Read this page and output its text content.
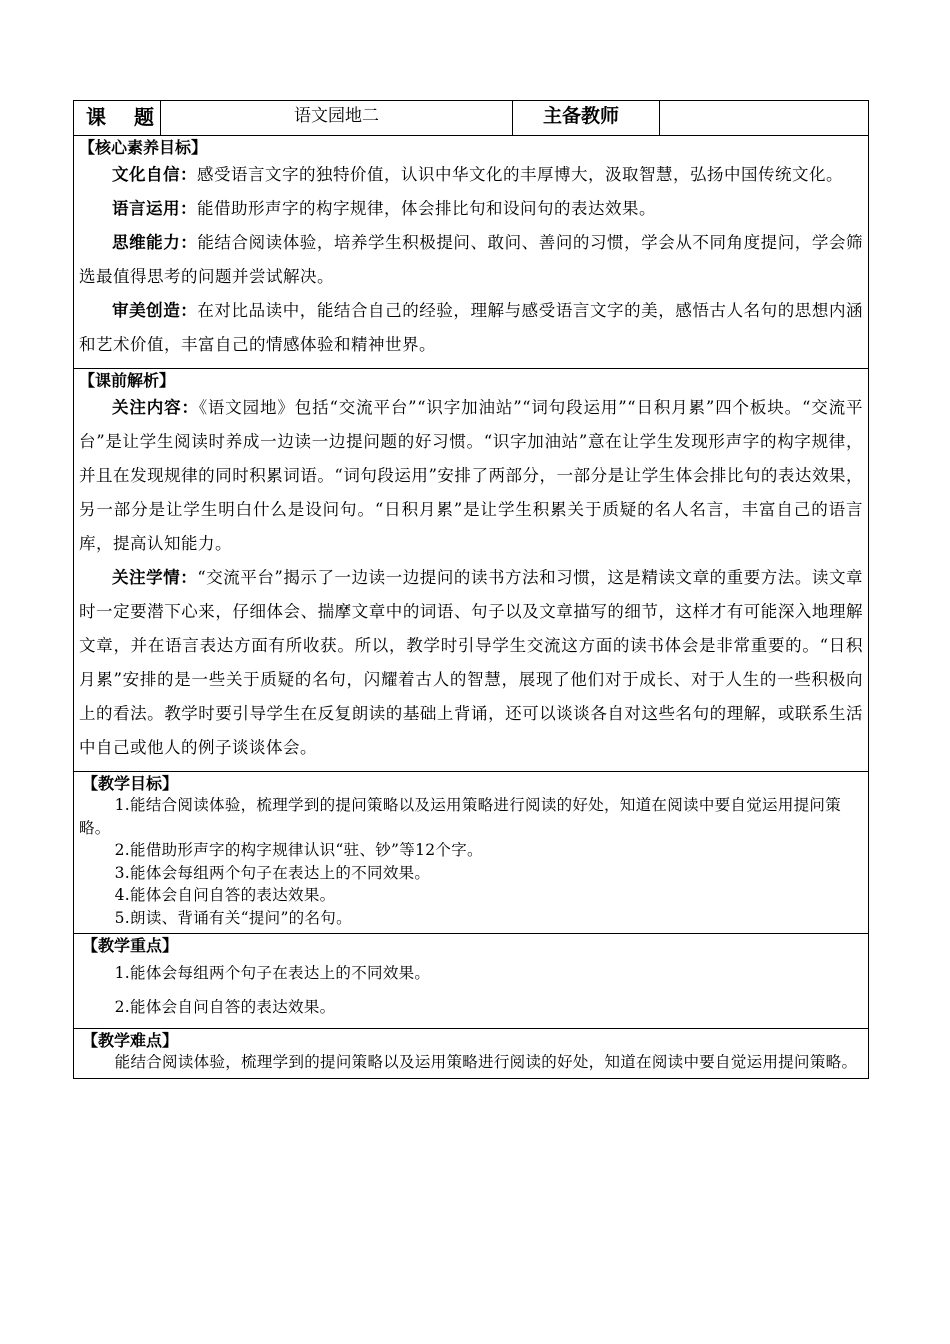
课 题	语文园地二	主备教师	

【核心素养目标】

文化自信：感受语言文字的独特价值，认识中华文化的丰厚博大，汲取智慧，弘扬中国传统文化。

语言运用：能借助形声字的构字规律，体会排比句和设问句的表达效果。

思维能力：能结合阅读体验，培养学生积极提问、敢问、善问的习惯，学会从不同角度提问，学会筛选最值得思考的问题并尝试解决。

审美创造：在对比品读中，能结合自己的经验，理解与感受语言文字的美，感悟古人名句的思想内涵和艺术价值，丰富自己的情感体验和精神世界。

【课前解析】

关注内容：《语文园地》包括“交流平台”“识字加油站”“词句段运用”“日积月累”四个板块。“交流平台”是让学生阅读时养成一边读一边提问题的好习惯。“识字加油站”意在让学生发现形声字的构字规律，并且在发现规律的同时积累词语。“词句段运用”安排了两部分，一部分是让学生体会排比句的表达效果，另一部分是让学生明白什么是设问句。“日积月累”是让学生积累关于质疑的名人名言，丰富自己的语言库，提高认知能力。

关注学情：“交流平台”揭示了一边读一边提问的读书方法和习惯，这是精读文章的重要方法。读文章时一定要潜下心来，仔细体会、揣摩文章中的词语、句子以及文章描写的细节，这样才有可能深入地理解文章，并在语言表达方面有所收获。所以，教学时引导学生交流这方面的读书体会是非常重要的。“日积月累”安排的是一些关于质疑的名句，闪耀着古人的智慧，展现了他们对于成长、对于人生的一些积极向上的看法。教学时要引导学生在反复朗读的基础上背诵，还可以谈谈各自对这些名句的理解，或联系生活中自己或他人的例子谈谈体会。

【教学目标】

1.能结合阅读体验，梳理学到的提问策略以及运用策略进行阅读的好处，知道在阅读中要自觉运用提问策略。

2.能借助形声字的构字规律认识“驻、钞”等12个字。

3.能体会每组两个句子在表达上的不同效果。

4.能体会自问自答的表达效果。

5.朗读、背诵有关“提问”的名句。

【教学重点】

1.能体会每组两个句子在表达上的不同效果。

2.能体会自问自答的表达效果。

【教学难点】

能结合阅读体验，梳理学到的提问策略以及运用策略进行阅读的好处，知道在阅读中要自觉运用提问策略。
